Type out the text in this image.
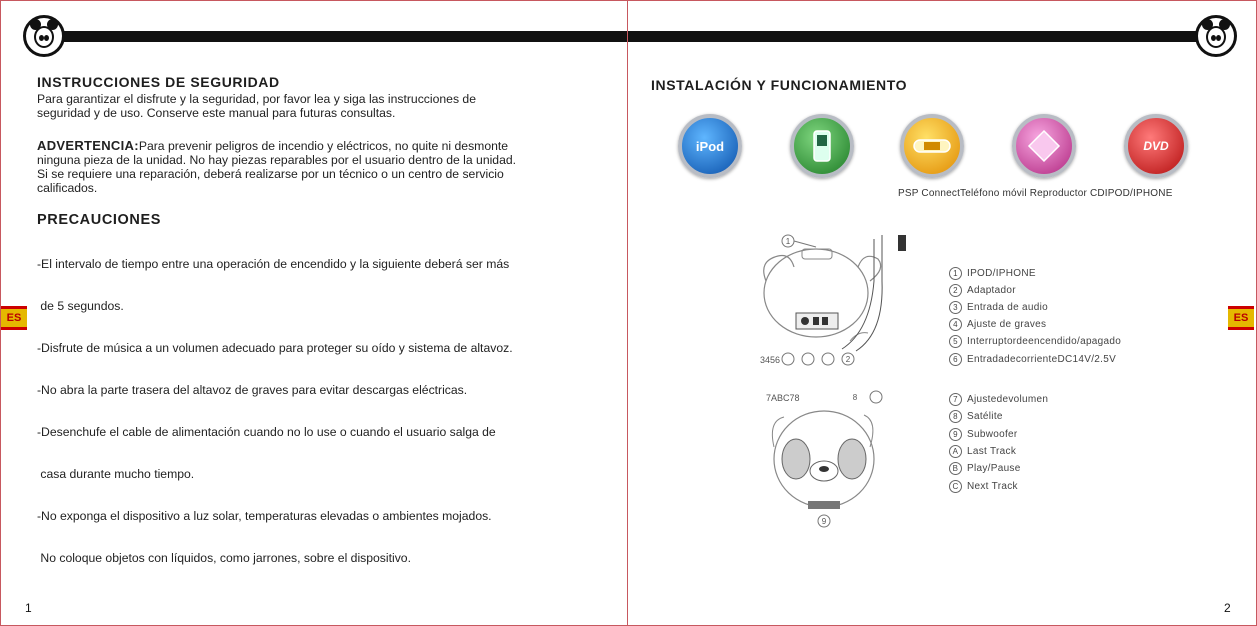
ES
INSTRUCCIONES DE SEGURIDAD
Para garantizar el disfrute y la seguridad, por favor lea y siga las instrucciones de
seguridad y de uso. Conserve este manual para futuras consultas.
ADVERTENCIA:Para prevenir peligros de incendio y eléctricos, no quite ni desmonte
ninguna pieza de la unidad. No hay piezas reparables por el usuario dentro de la unidad.
Si se requiere una reparación, deberá realizarse por un técnico o un centro de servicio
calificados.
PRECAUCIONES

-El intervalo de tiempo entre una operación de encendido y la siguiente deberá ser más

de 5 segundos.

-Disfrute de música a un volumen adecuado para proteger su oído y sistema de altavoz.

-No abra la parte trasera del altavoz de graves para evitar descargas eléctricas.

-Desenchufe el cable de alimentación cuando no lo use o cuando el usuario salga de

casa durante mucho tiempo.

-No exponga el dispositivo a luz solar, temperaturas elevadas o ambientes mojados.

No coloque objetos con líquidos, como jarrones, sobre el dispositivo.

1
ES
INSTALACIÓN Y FUNCIONAMIENTO
iPod	DVD
PSP ConnectTeléfono móvil Reproductor CDIPOD/IPHONE
1
2
3456
7ABC78	8
9
1 IPOD/IPHONE
2 Adaptador
3 Entrada de audio
4 Ajuste de graves
5 Interruptordeencendido/apagado
6 EntradadecorrienteDC14V/2.5V
7 Ajustedevolumen
8 Satélite
9 Subwoofer
A Last Track
B Play/Pause
C Next Track
2
